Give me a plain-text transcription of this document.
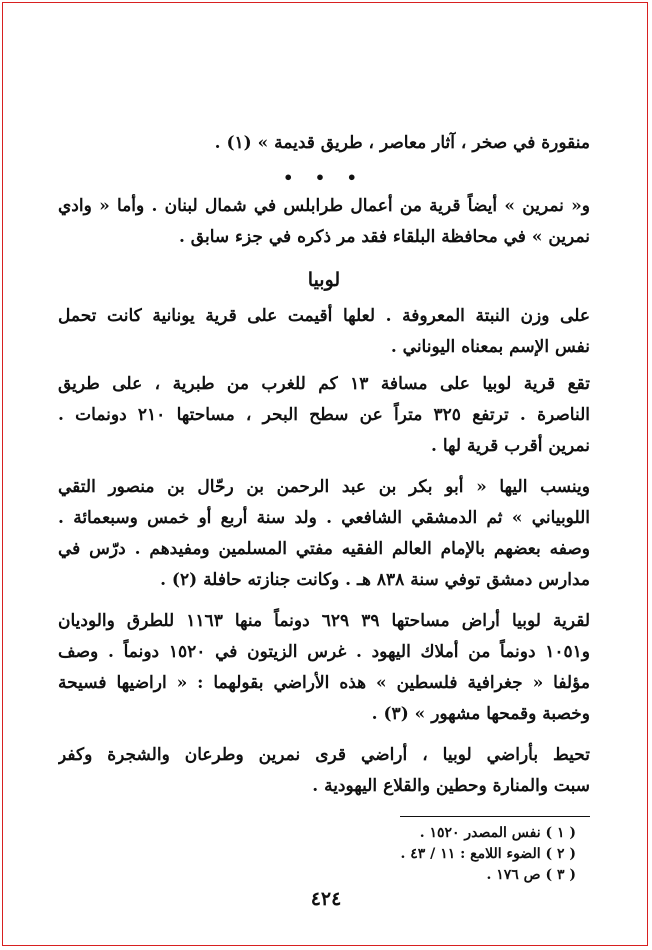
منقورة في صخر ، آثار معاصر ، طريق قديمة » (١) .
• • •
و« نمرين » أيضاً قرية من أعمال طرابلس في شمال لبنان . وأما « وادي
نمرين » في محافظة البلقاء فقد مر ذكره في جزء سابق .
لوبيا
على وزن النبتة المعروفة . لعلها أقيمت على قرية يونانية كانت تحمل
نفس الإسم بمعناه اليوناني .
تقع قرية لوبيا على مسافة ١٣ كم للغرب من طبرية ، على طريق
الناصرة . ترتفع ٣٢٥ متراً عن سطح البحر ، مساحتها ٢١٠ دونمات .
نمرين أقرب قرية لها .
وينسب اليها « أبو بكر بن عبد الرحمن بن رحّال بن منصور التقي
اللوبياني » ثم الدمشقي الشافعي . ولد سنة أربع أو خمس وسبعمائة .
وصفه بعضهم بالإمام العالم الفقيه مفتي المسلمين ومفيدهم . درّس في
مدارس دمشق توفي سنة ٨٣٨ هـ . وكانت جنازته حافلة (٢) .
لقرية لوبيا أراض مساحتها ٣٩ ٦٢٩ دونماً منها ١١٦٣ للطرق والوديان
و١٠٥١ دونماً من أملاك اليهود . غرس الزيتون في ١٥٢٠ دونماً . وصف
مؤلفا « جغرافية فلسطين » هذه الأراضي بقولهما : « اراضيها فسيحة
وخصبة وقمحها مشهور » (٣) .
تحيط بأراضي لوبيا ، أراضي قرى نمرين وطرعان والشجرة وكفر
سبت والمنارة وحطين والقلاع اليهودية .
( ١ ) نفس المصدر ١٥٢٠ .
( ٢ ) الضوء اللامع : ١١ / ٤٣ .
( ٣ ) ص ١٧٦ .
٤٢٤
